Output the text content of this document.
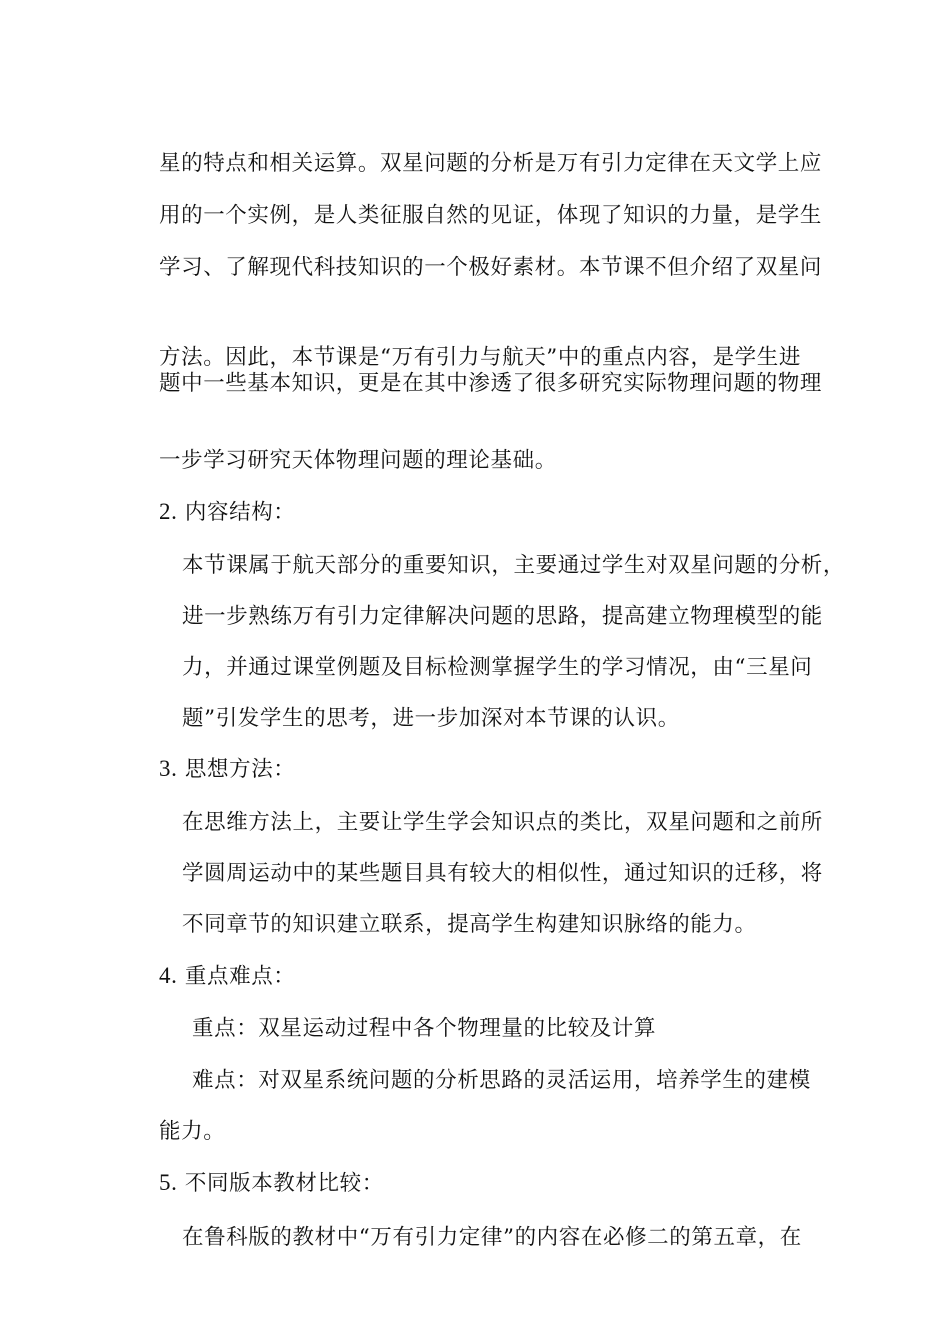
星的特点和相关运算。双星问题的分析是万有引力定律在天文学上应
用的一个实例，是人类征服自然的见证，体现了知识的力量，是学生
学习、了解现代科技知识的一个极好素材。本节课不但介绍了双星问
方法。因此，本节课是“万有引力与航天”中的重点内容，是学生进
题中一些基本知识，更是在其中渗透了很多研究实际物理问题的物理
一步学习研究天体物理问题的理论基础。
2. 内容结构：
本节课属于航天部分的重要知识，主要通过学生对双星问题的分析，
进一步熟练万有引力定律解决问题的思路，提高建立物理模型的能
力，并通过课堂例题及目标检测掌握学生的学习情况，由“三星问
题”引发学生的思考，进一步加深对本节课的认识。
3. 思想方法：
在思维方法上，主要让学生学会知识点的类比，双星问题和之前所
学圆周运动中的某些题目具有较大的相似性，通过知识的迁移，将
不同章节的知识建立联系，提高学生构建知识脉络的能力。
4. 重点难点：
重点：双星运动过程中各个物理量的比较及计算
难点：对双星系统问题的分析思路的灵活运用，培养学生的建模
能力。
5. 不同版本教材比较：
在鲁科版的教材中“万有引力定律”的内容在必修二的第五章，在
